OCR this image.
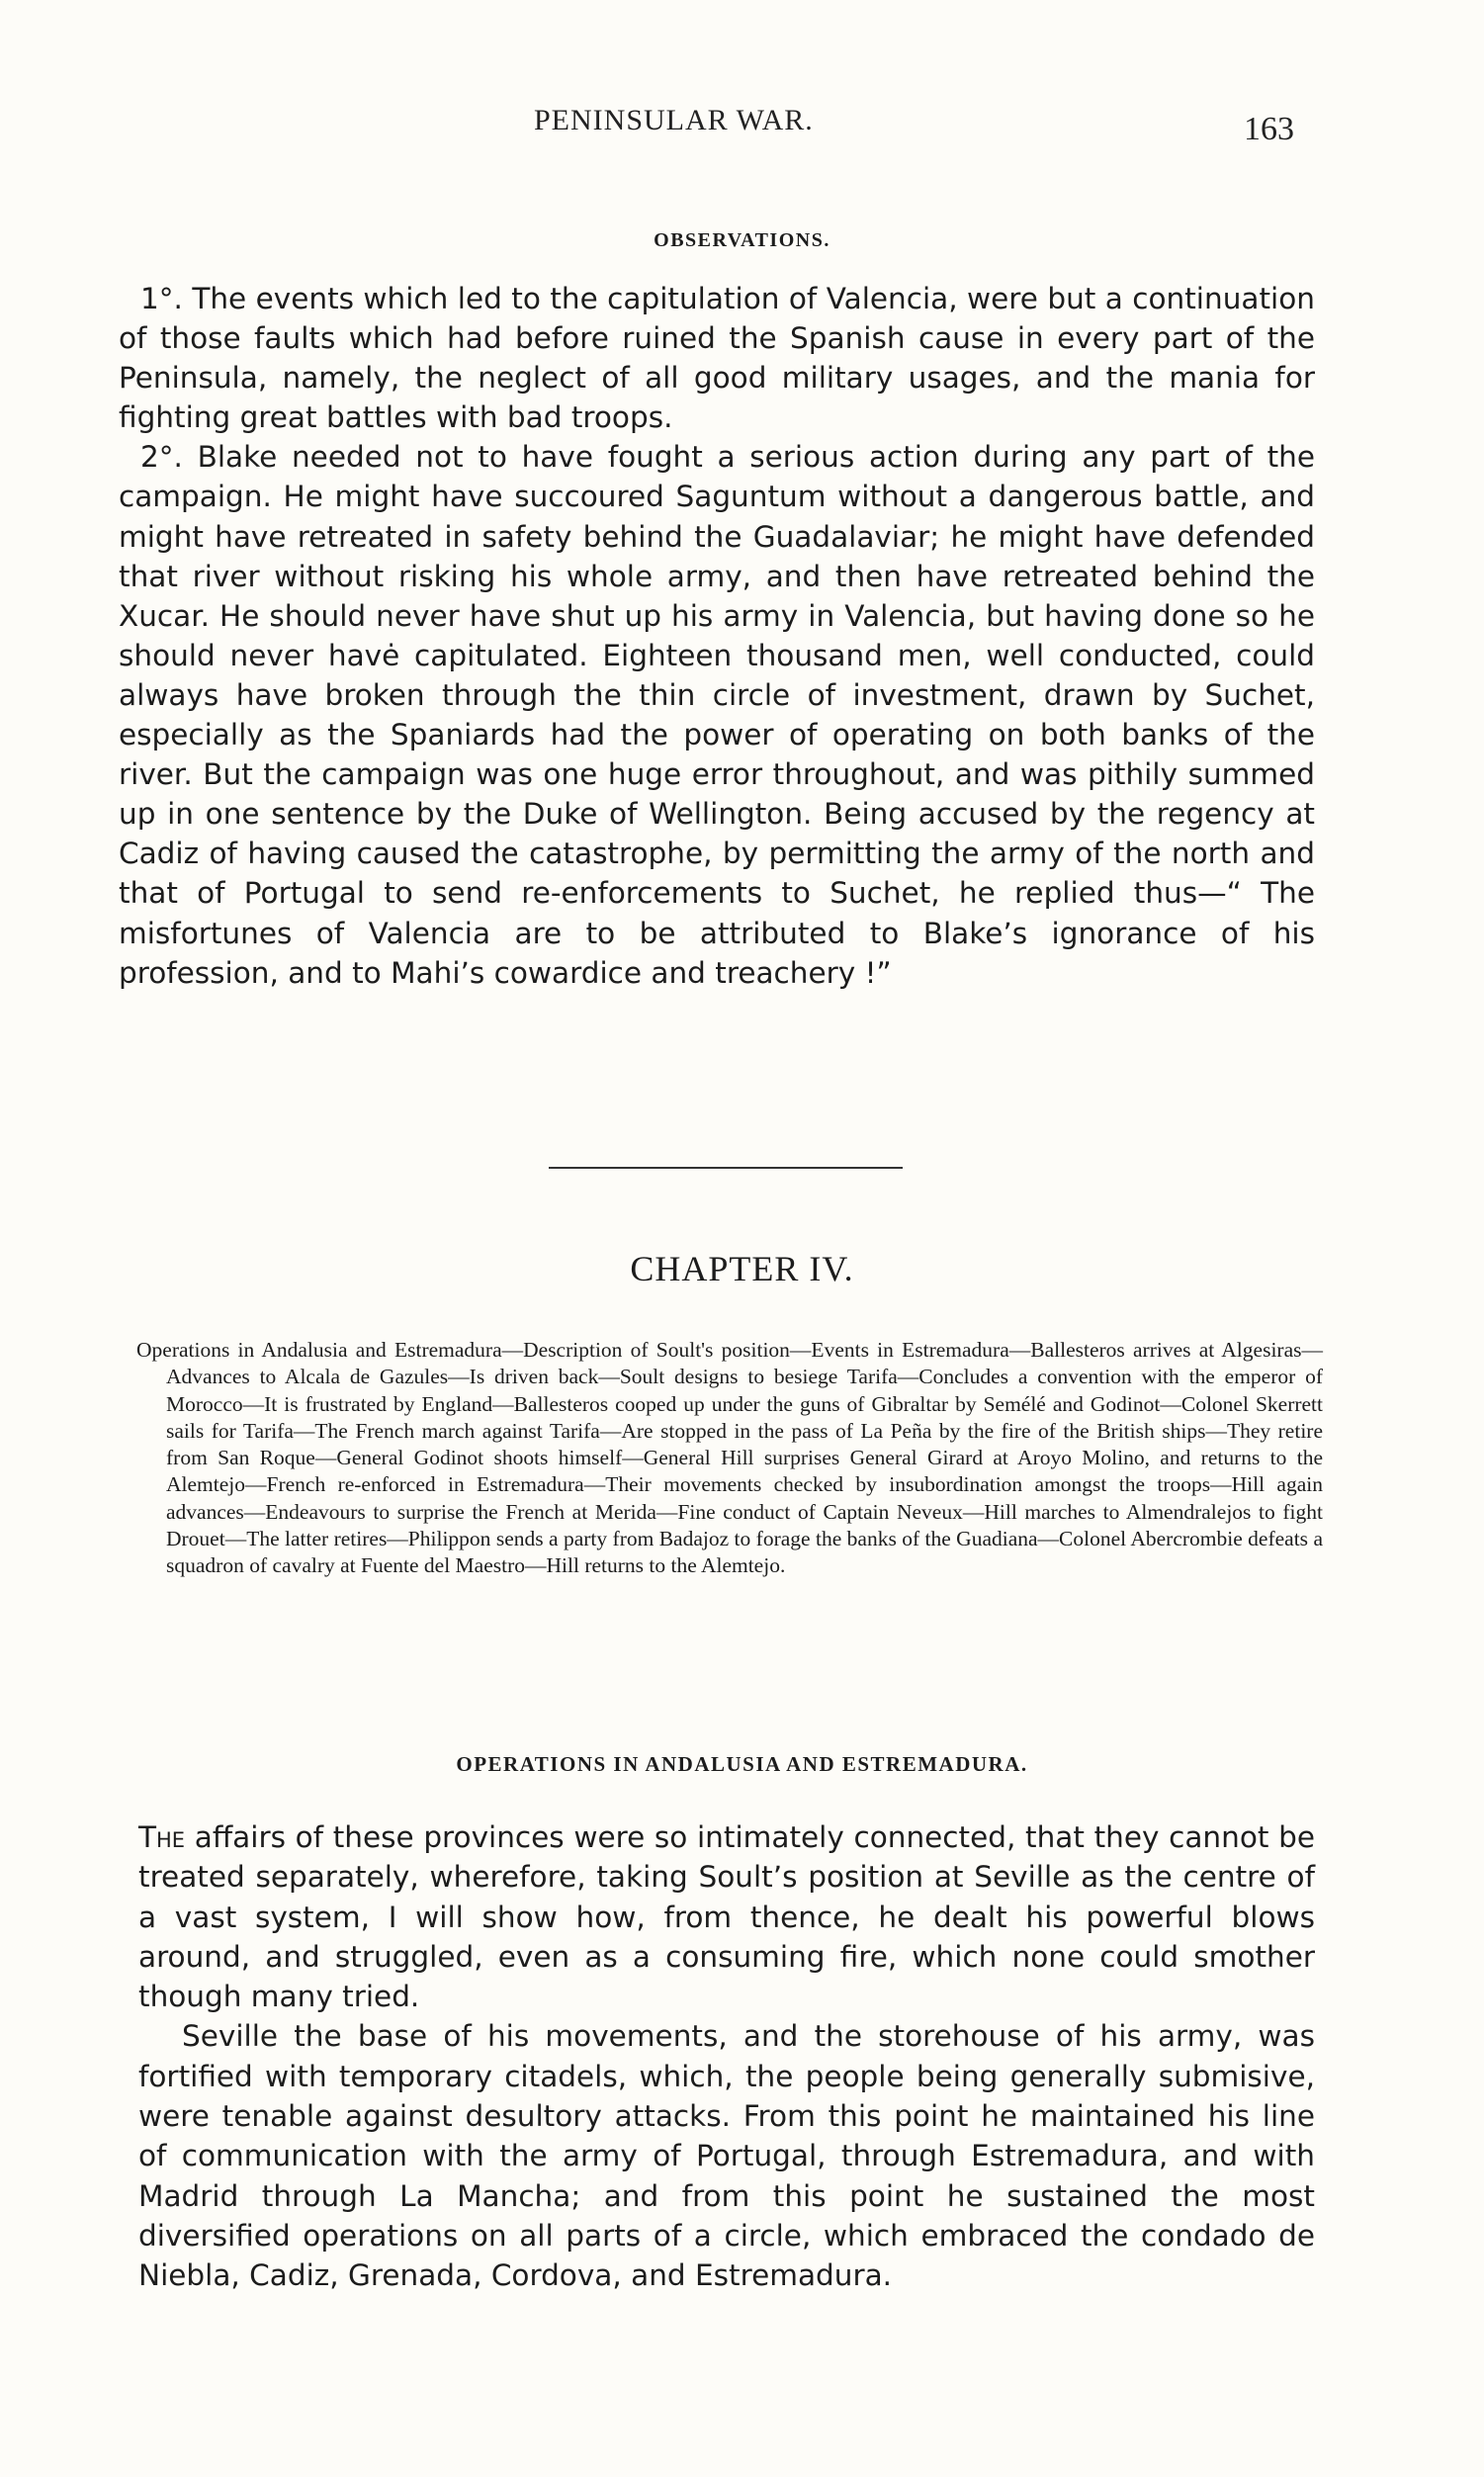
PENINSULAR WAR.	163
OBSERVATIONS.

1°. The events which led to the capitulation of Valencia, were but a continuation of those faults which had before ruined the Spanish cause in every part of the Peninsula, namely, the neglect of all good military usages, and the mania for fighting great battles with bad troops.

2°. Blake needed not to have fought a serious action during any part of the campaign. He might have succoured Saguntum without a dangerous battle, and might have retreated in safety behind the Guadalaviar; he might have defended that river without risking his whole army, and then have retreated behind the Xucar. He should never have shut up his army in Valencia, but having done so he should never havė capitulated. Eighteen thousand men, well conducted, could always have broken through the thin circle of investment, drawn by Suchet, especially as the Spaniards had the power of operating on both banks of the river. But the campaign was one huge error throughout, and was pithily summed up in one sentence by the Duke of Wellington. Being accused by the regency at Cadiz of having caused the catastrophe, by permitting the army of the north and that of Portugal to send re-enforcements to Suchet, he replied thus—“ The misfortunes of Valencia are to be attributed to Blake’s ignorance of his profession, and to Mahi’s cowardice and treachery !”

CHAPTER IV.
Operations in Andalusia and Estremadura—Description of Soult's position—Events in Estremadura—Ballesteros arrives at Algesiras—Advances to Alcala de Gazules—Is driven back—Soult designs to besiege Tarifa—Concludes a convention with the emperor of Morocco—It is frustrated by England—Ballesteros cooped up under the guns of Gibraltar by Semélé and Godinot—Colonel Skerrett sails for Tarifa—The French march against Tarifa—Are stopped in the pass of La Peña by the fire of the British ships—They retire from San Roque—General Godinot shoots himself—General Hill surprises General Girard at Aroyo Molino, and returns to the Alemtejo—French re-enforced in Estremadura—Their movements checked by insubordination amongst the troops—Hill again advances—Endeavours to surprise the French at Merida—Fine conduct of Captain Neveux—Hill marches to Almendralejos to fight Drouet—The latter retires—Philippon sends a party from Badajoz to forage the banks of the Guadiana—Colonel Abercrombie defeats a squadron of cavalry at Fuente del Maestro—Hill returns to the Alemtejo.
OPERATIONS IN ANDALUSIA AND ESTREMADURA.

The affairs of these provinces were so intimately connected, that they cannot be treated separately, wherefore, taking Soult’s position at Seville as the centre of a vast system, I will show how, from thence, he dealt his powerful blows around, and struggled, even as a consuming fire, which none could smother though many tried.

Seville the base of his movements, and the storehouse of his army, was fortified with temporary citadels, which, the people being generally submisive, were tenable against desultory attacks. From this point he maintained his line of communication with the army of Portugal, through Estremadura, and with Madrid through La Mancha; and from this point he sustained the most diversified operations on all parts of a circle, which embraced the condado de Niebla, Cadiz, Grenada, Cordova, and Estremadura.
